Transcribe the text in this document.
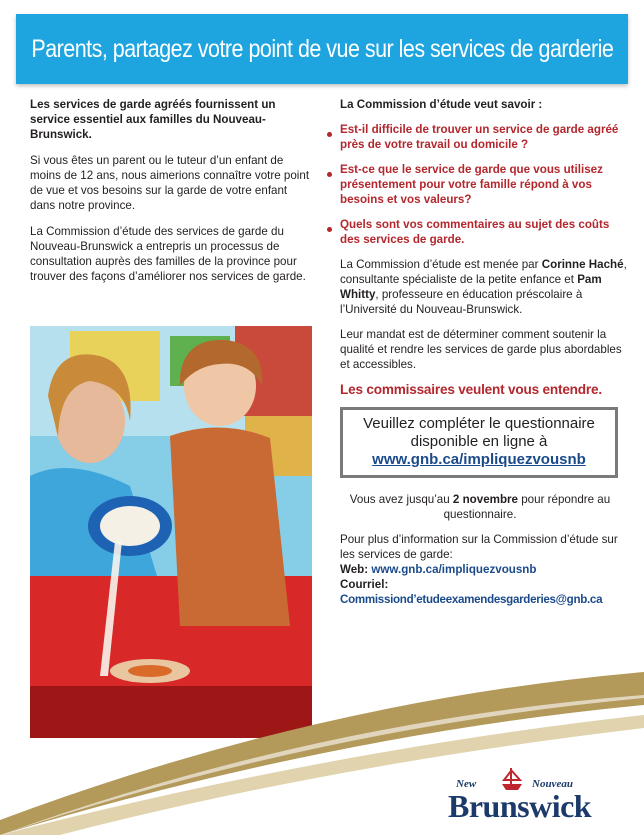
Parents, partagez votre point de vue sur les services de garderie

Les services de garde agréés fournissent un service essentiel aux familles du Nouveau-Brunswick.

Si vous êtes un parent ou le tuteur d’un enfant de moins de 12 ans, nous aimerions connaître votre point de vue et vos besoins sur la garde de votre enfant dans notre province.

La Commission d’étude des services de garde du Nouveau-Brunswick a entrepris un processus de consultation auprès des familles de la province pour trouver des façons d’améliorer nos services de garde.

La Commission d’étude veut savoir :
Est-il difficile de trouver un service de garde agréé près de votre travail ou domicile ?
Est-ce que le service de garde que vous utilisez présentement pour votre famille répond à vos besoins et vos valeurs?
Quels sont vos commentaires au sujet des coûts des services de garde.

La Commission d’étude est menée par Corinne Haché, consultante spécialiste de la petite enfance et Pam Whitty, professeure en éducation préscolaire à l’Université du Nouveau-Brunswick.

Leur mandat est de déterminer comment soutenir la qualité et rendre les services de garde plus abordables et accessibles.

Les commissaires veulent vous entendre.
Veuillez compléter le questionnaire disponible en ligne à
www.gnb.ca/impliquezvousnb
Vous avez jusqu’au 2 novembre pour répondre au questionnaire.
Pour plus d’information sur la Commission d’étude sur les services de garde:
Web: www.gnb.ca/impliquezvousnb
Courriel:
Commissiond’etudeexamendesgarderies@gnb.ca
New	Nouveau
Brunswick
